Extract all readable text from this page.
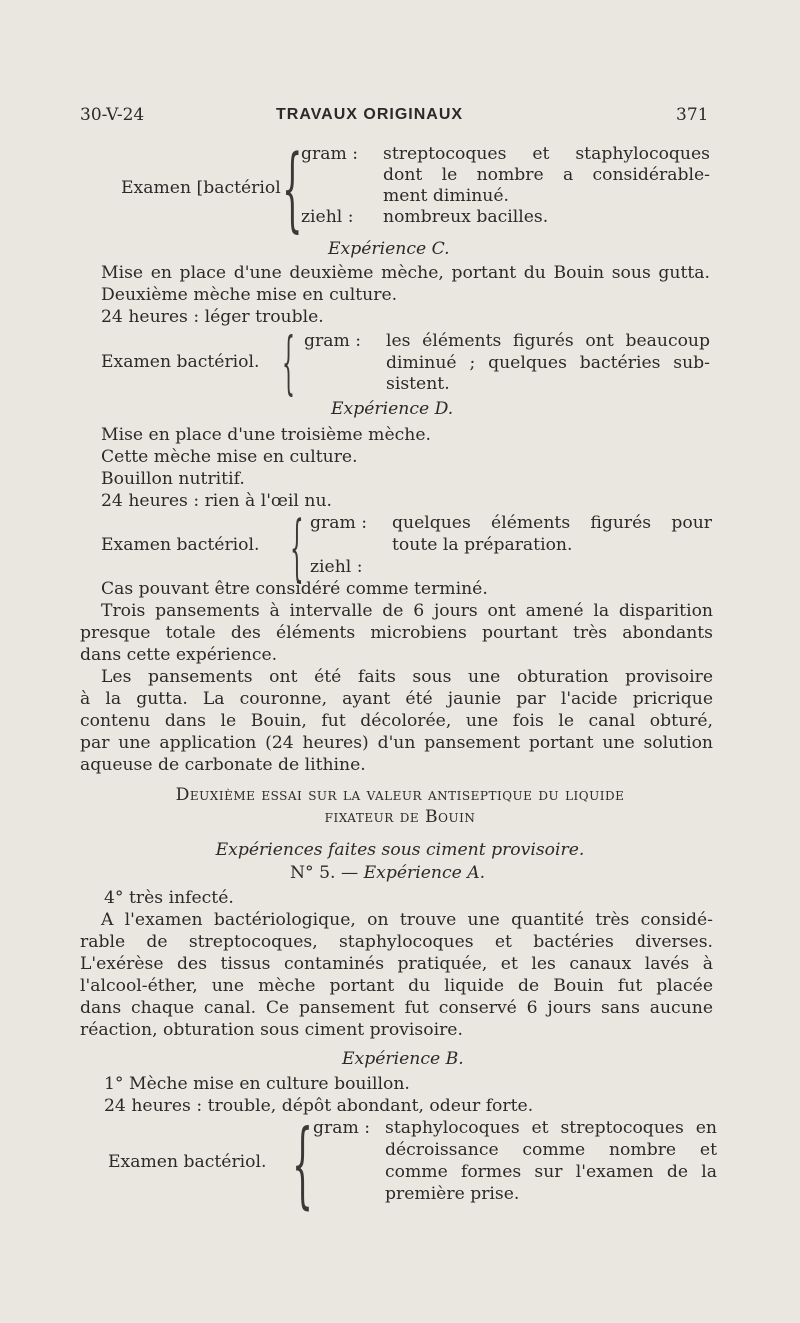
30-V-24	TRAVAUX ORIGINAUX	371
Examen [bactériol {
gram : streptocoques et staphylocoques
dont le nombre a considérable-
ment diminué.
ziehl : nombreux bacilles.
Expérience C.
Mise en place d'une deuxième mèche, portant du Bouin sous gutta.
Deuxième mèche mise en culture.
24 heures : léger trouble.
Examen bactériol. { gram : les éléments figurés ont beaucoup
diminué ; quelques bactéries sub-
sistent.
Expérience D.
Mise en place d'une troisième mèche.
Cette mèche mise en culture.
Bouillon nutritif.
24 heures : rien à l'œil nu.
Examen bactériol. { gram : quelques éléments figurés pour
toute la préparation.
ziehl :
Cas pouvant être considéré comme terminé.
Trois pansements à intervalle de 6 jours ont amené la disparition
presque totale des éléments microbiens pourtant très abondants
dans cette expérience.
Les pansements ont été faits sous une obturation provisoire
à la gutta. La couronne, ayant été jaunie par l'acide pricrique
contenu dans le Bouin, fut décolorée, une fois le canal obturé,
par une application (24 heures) d'un pansement portant une solution
aqueuse de carbonate de lithine.
Deuxième essai sur la valeur antiseptique du liquide
fixateur de Bouin
Expériences faites sous ciment provisoire.
N° 5. — Expérience A.
4° très infecté.
A l'examen bactériologique, on trouve une quantité très considé-
rable de streptocoques, staphylocoques et bactéries diverses.
L'exérèse des tissus contaminés pratiquée, et les canaux lavés à
l'alcool-éther, une mèche portant du liquide de Bouin fut placée
dans chaque canal. Ce pansement fut conservé 6 jours sans aucune
réaction, obturation sous ciment provisoire.
Expérience B.
1° Mèche mise en culture bouillon.
24 heures : trouble, dépôt abondant, odeur forte.
Examen bactériol. { gram : staphylocoques et streptocoques en
décroissance comme nombre et
comme formes sur l'examen de la
première prise.
